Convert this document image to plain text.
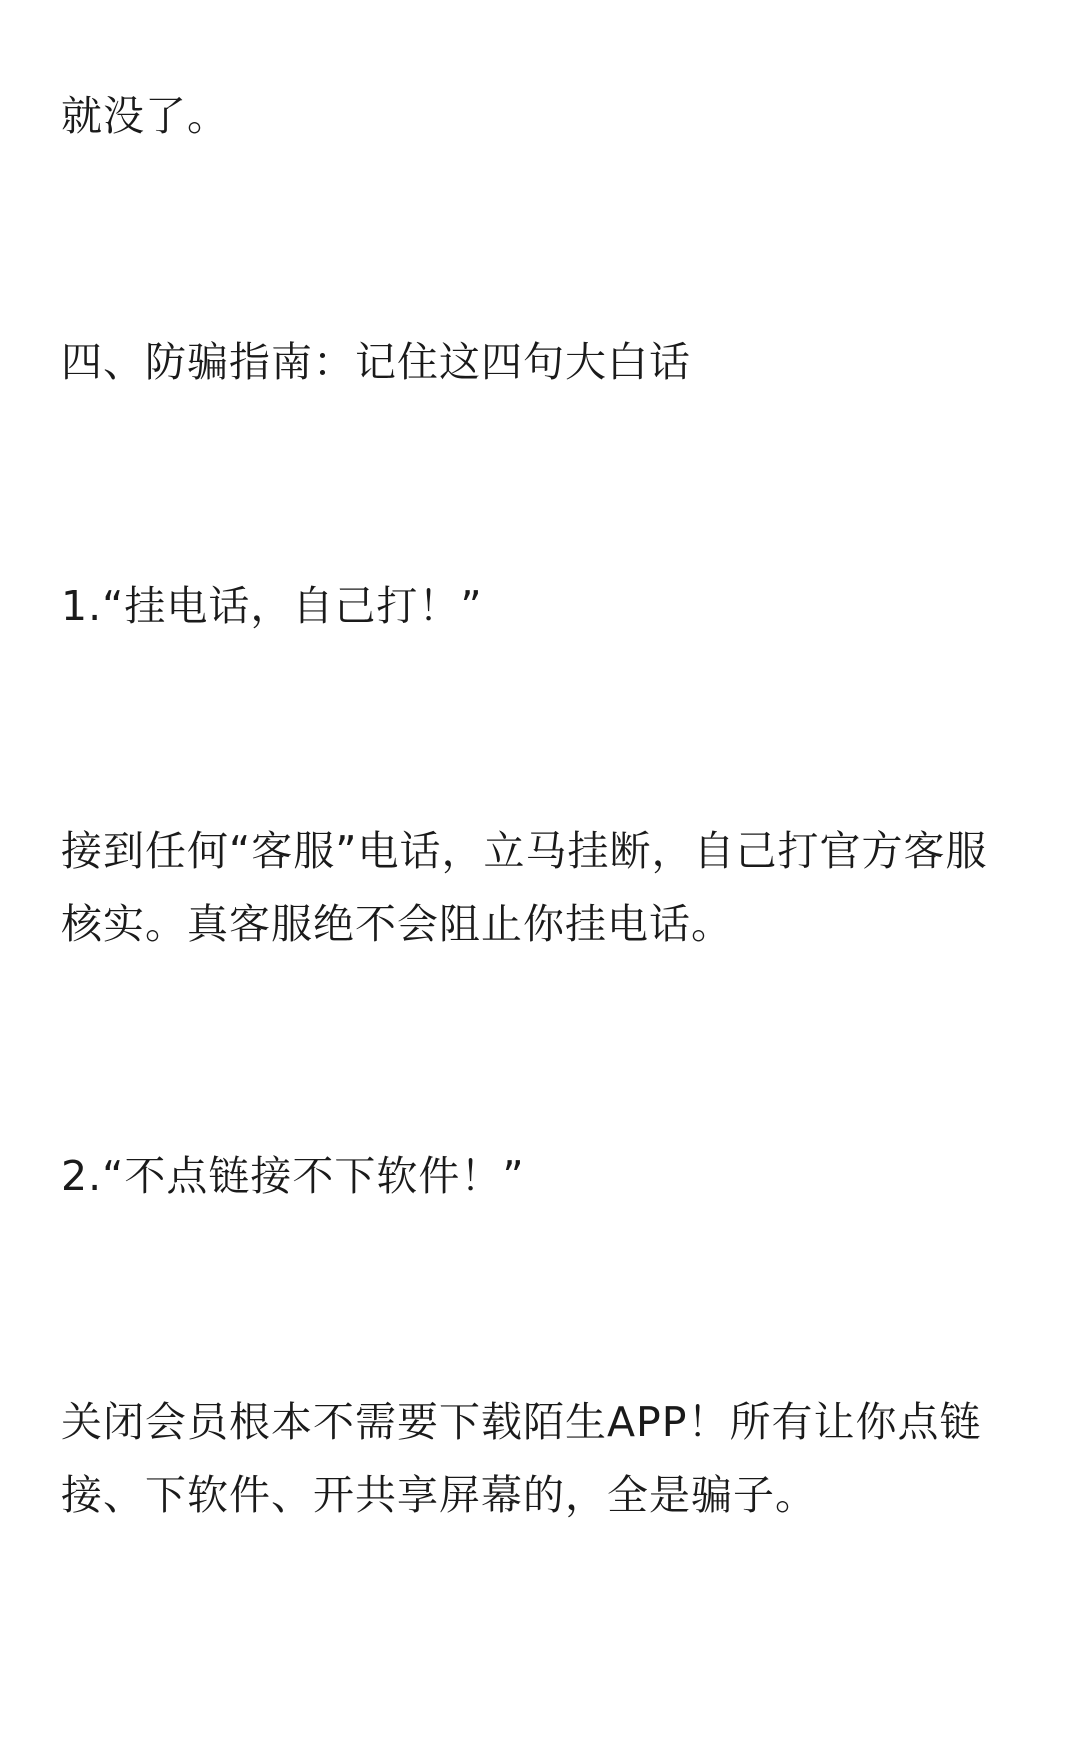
就没了。

四、防骗指南：记住这四句大白话

1.“挂电话，自己打！”

接到任何“客服”电话，立马挂断，自己打官方客服核实。真客服绝不会阻止你挂电话。

2.“不点链接不下软件！”

关闭会员根本不需要下载陌生APP！所有让你点链接、下软件、开共享屏幕的，全是骗子。
